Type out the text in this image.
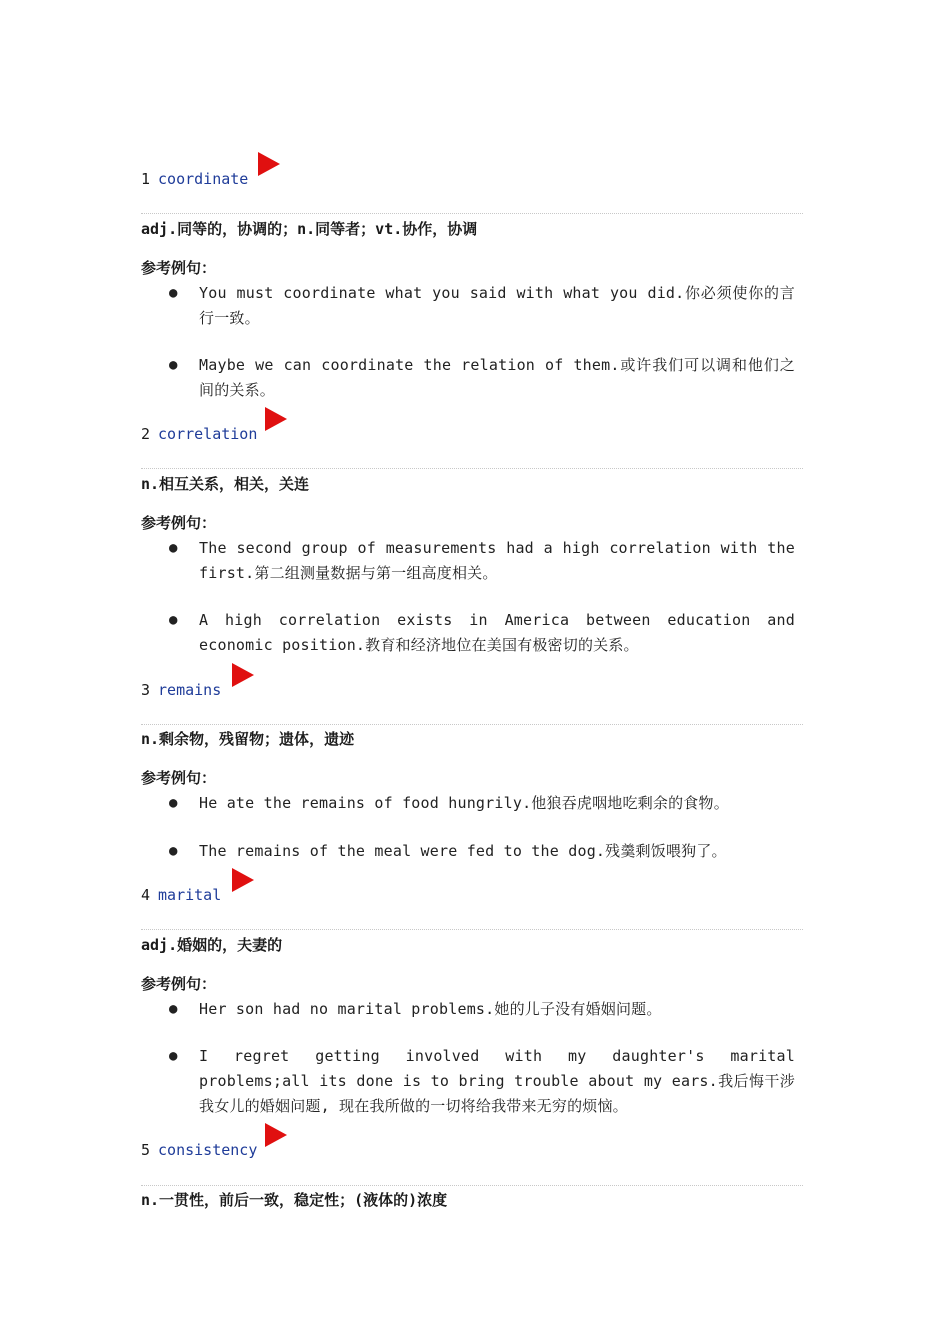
1 coordinate
adj.同等的，协调的；n.同等者；vt.协作，协调
参考例句：
● You must coordinate what you said with what you did.你必须使你的言行一致。
● Maybe we can coordinate the relation of them.或许我们可以调和他们之间的关系。
2 correlation
n.相互关系，相关，关连
参考例句：
● The second group of measurements had a high correlation with the first.第二组测量数据与第一组高度相关。
● A high correlation exists in America between education and economic position.教育和经济地位在美国有极密切的关系。
3 remains
n.剩余物，残留物；遗体，遗迹
参考例句：
● He ate the remains of food hungrily.他狼吞虎咽地吃剩余的食物。
● The remains of the meal were fed to the dog.残羹剩饭喂狗了。
4 marital
adj.婚姻的，夫妻的
参考例句：
● Her son had no marital problems.她的儿子没有婚姻问题。
● I regret getting involved with my daughter's marital problems;all its done is to bring trouble about my ears.我后悔干涉我女儿的婚姻问题, 现在我所做的一切将给我带来无穷的烦恼。
5 consistency
n.一贯性，前后一致，稳定性；(液体的)浓度
